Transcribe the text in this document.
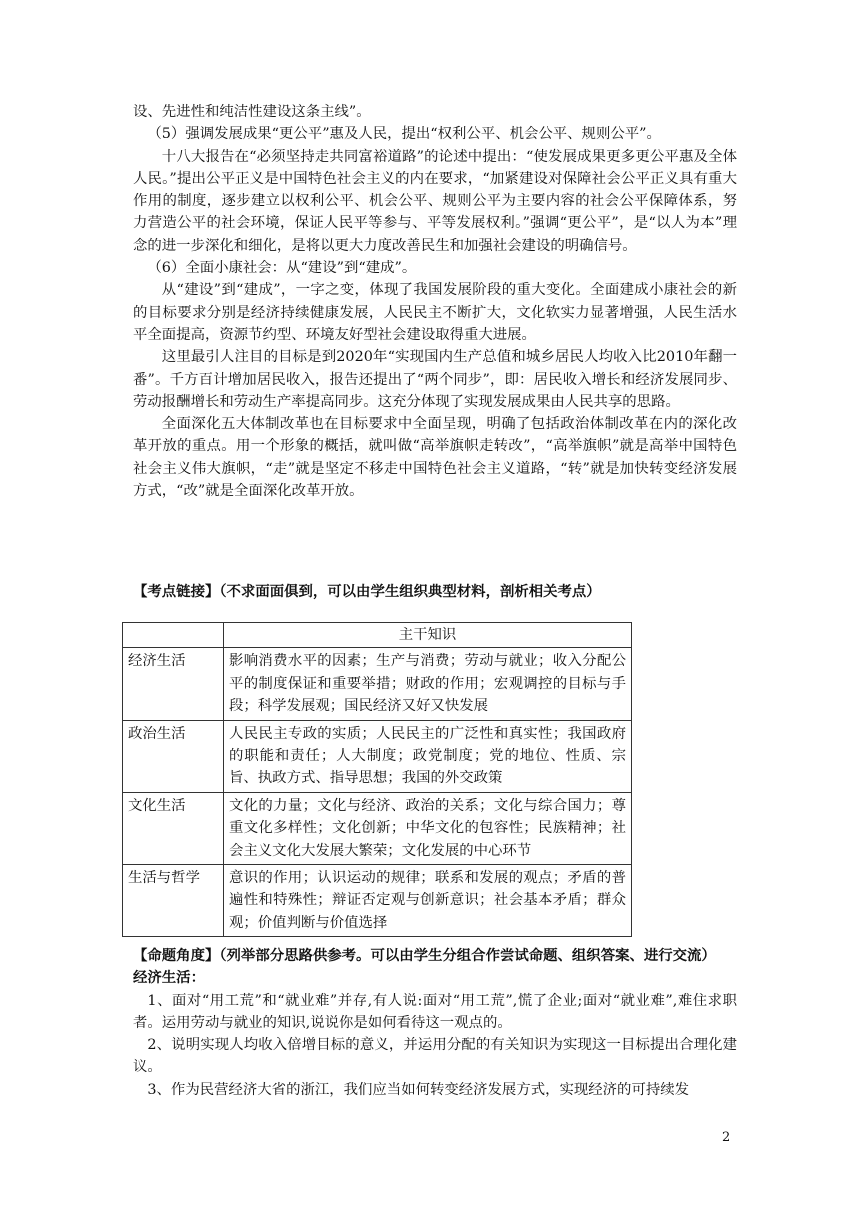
设、先进性和纯洁性建设这条主线”。

（5）强调发展成果“更公平”惠及人民，提出“权利公平、机会公平、规则公平”。

十八大报告在“必须坚持走共同富裕道路”的论述中提出：“使发展成果更多更公平惠及全体人民。”提出公平正义是中国特色社会主义的内在要求，“加紧建设对保障社会公平正义具有重大作用的制度，逐步建立以权利公平、机会公平、规则公平为主要内容的社会公平保障体系，努力营造公平的社会环境，保证人民平等参与、平等发展权利。”强调“更公平”，是“以人为本”理念的进一步深化和细化，是将以更大力度改善民生和加强社会建设的明确信号。

（6）全面小康社会：从“建设”到“建成”。

从“建设”到“建成”，一字之变，体现了我国发展阶段的重大变化。全面建成小康社会的新的目标要求分别是经济持续健康发展，人民民主不断扩大，文化软实力显著增强，人民生活水平全面提高，资源节约型、环境友好型社会建设取得重大进展。

这里最引人注目的目标是到2020年“实现国内生产总值和城乡居民人均收入比2010年翻一番”。千方百计增加居民收入，报告还提出了“两个同步”，即：居民收入增长和经济发展同步、劳动报酬增长和劳动生产率提高同步。这充分体现了实现发展成果由人民共享的思路。

全面深化五大体制改革也在目标要求中全面呈现，明确了包括政治体制改革在内的深化改革开放的重点。用一个形象的概括，就叫做“高举旗帜走转改”，“高举旗帜”就是高举中国特色社会主义伟大旗帜，“走”就是坚定不移走中国特色社会主义道路，“转”就是加快转变经济发展方式，“改”就是全面深化改革开放。

【考点链接】（不求面面俱到，可以由学生组织典型材料，剖析相关考点）
	主干知识
经济生活	影响消费水平的因素；生产与消费；劳动与就业；收入分配公平的制度保证和重要举措；财政的作用；宏观调控的目标与手段；科学发展观；国民经济又好又快发展
政治生活	人民民主专政的实质；人民民主的广泛性和真实性；我国政府的职能和责任；人大制度；政党制度；党的地位、性质、宗旨、执政方式、指导思想；我国的外交政策
文化生活	文化的力量；文化与经济、政治的关系；文化与综合国力；尊重文化多样性；文化创新；中华文化的包容性；民族精神；社会主义文化大发展大繁荣；文化发展的中心环节
生活与哲学	意识的作用；认识运动的规律；联系和发展的观点；矛盾的普遍性和特殊性；辩证否定观与创新意识；社会基本矛盾；群众观；价值判断与价值选择

【命题角度】（列举部分思路供参考。可以由学生分组合作尝试命题、组织答案、进行交流）

经济生活：

1、面对“用工荒”和“就业难”并存,有人说:面对“用工荒”,慌了企业;面对“就业难”,难住求职者。运用劳动与就业的知识,说说你是如何看待这一观点的。

2、说明实现人均收入倍增目标的意义，并运用分配的有关知识为实现这一目标提出合理化建议。

3、作为民营经济大省的浙江，我们应当如何转变经济发展方式，实现经济的可持续发

2
